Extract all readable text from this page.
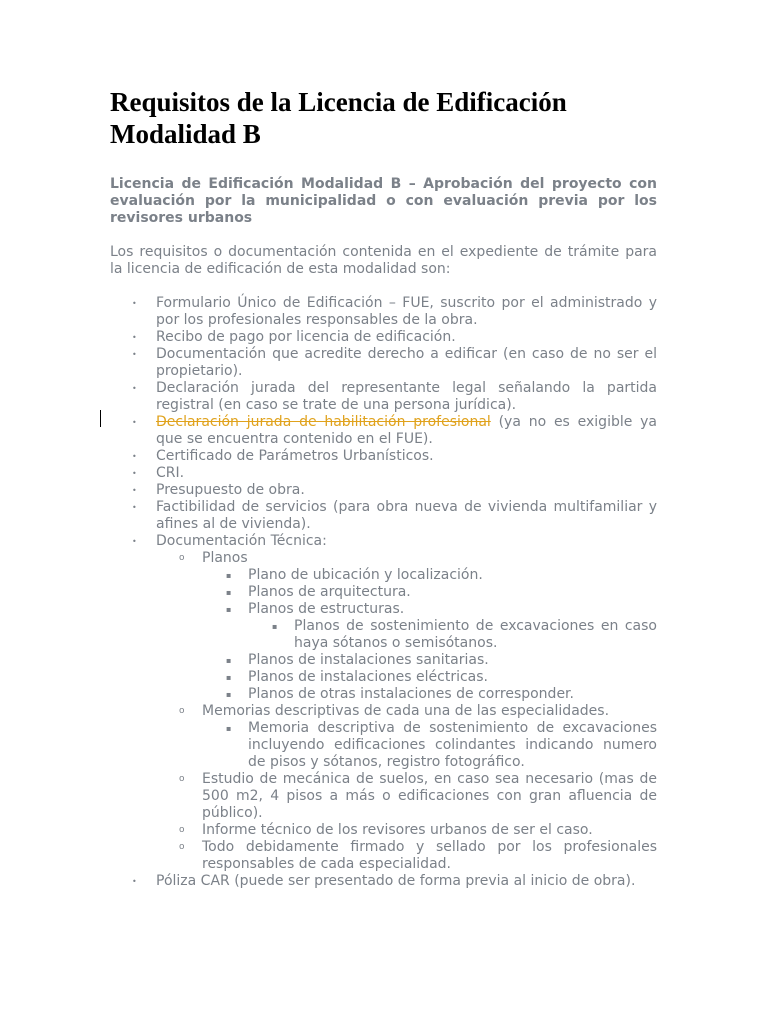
Requisitos de la Licencia de Edificación Modalidad B

Licencia de Edificación Modalidad B – Aprobación del proyecto con evaluación por la municipalidad o con evaluación previa por los revisores urbanos

Los requisitos o documentación contenida en el expediente de trámite para la licencia de edificación de esta modalidad son:

• Formulario Único de Edificación – FUE, suscrito por el administrado y por los profesionales responsables de la obra.
• Recibo de pago por licencia de edificación.
• Documentación que acredite derecho a edificar (en caso de no ser el propietario).
• Declaración jurada del representante legal señalando la partida registral (en caso se trate de una persona jurídica).
• Declaración jurada de habilitación profesional (ya no es exigible ya que se encuentra contenido en el FUE).
• Certificado de Parámetros Urbanísticos.
• CRI.
• Presupuesto de obra.
• Factibilidad de servicios (para obra nueva de vivienda multifamiliar y afines al de vivienda).
• Documentación Técnica:
o Planos
▪ Plano de ubicación y localización.
▪ Planos de arquitectura.
▪ Planos de estructuras.
▪ Planos de sostenimiento de excavaciones en caso haya sótanos o semisótanos.
▪ Planos de instalaciones sanitarias.
▪ Planos de instalaciones eléctricas.
▪ Planos de otras instalaciones de corresponder.
o Memorias descriptivas de cada una de las especialidades.
▪ Memoria descriptiva de sostenimiento de excavaciones incluyendo edificaciones colindantes indicando numero de pisos y sótanos, registro fotográfico.
o Estudio de mecánica de suelos, en caso sea necesario (mas de 500 m2, 4 pisos a más o edificaciones con gran afluencia de público).
o Informe técnico de los revisores urbanos de ser el caso.
o Todo debidamente firmado y sellado por los profesionales responsables de cada especialidad.
• Póliza CAR (puede ser presentado de forma previa al inicio de obra).
